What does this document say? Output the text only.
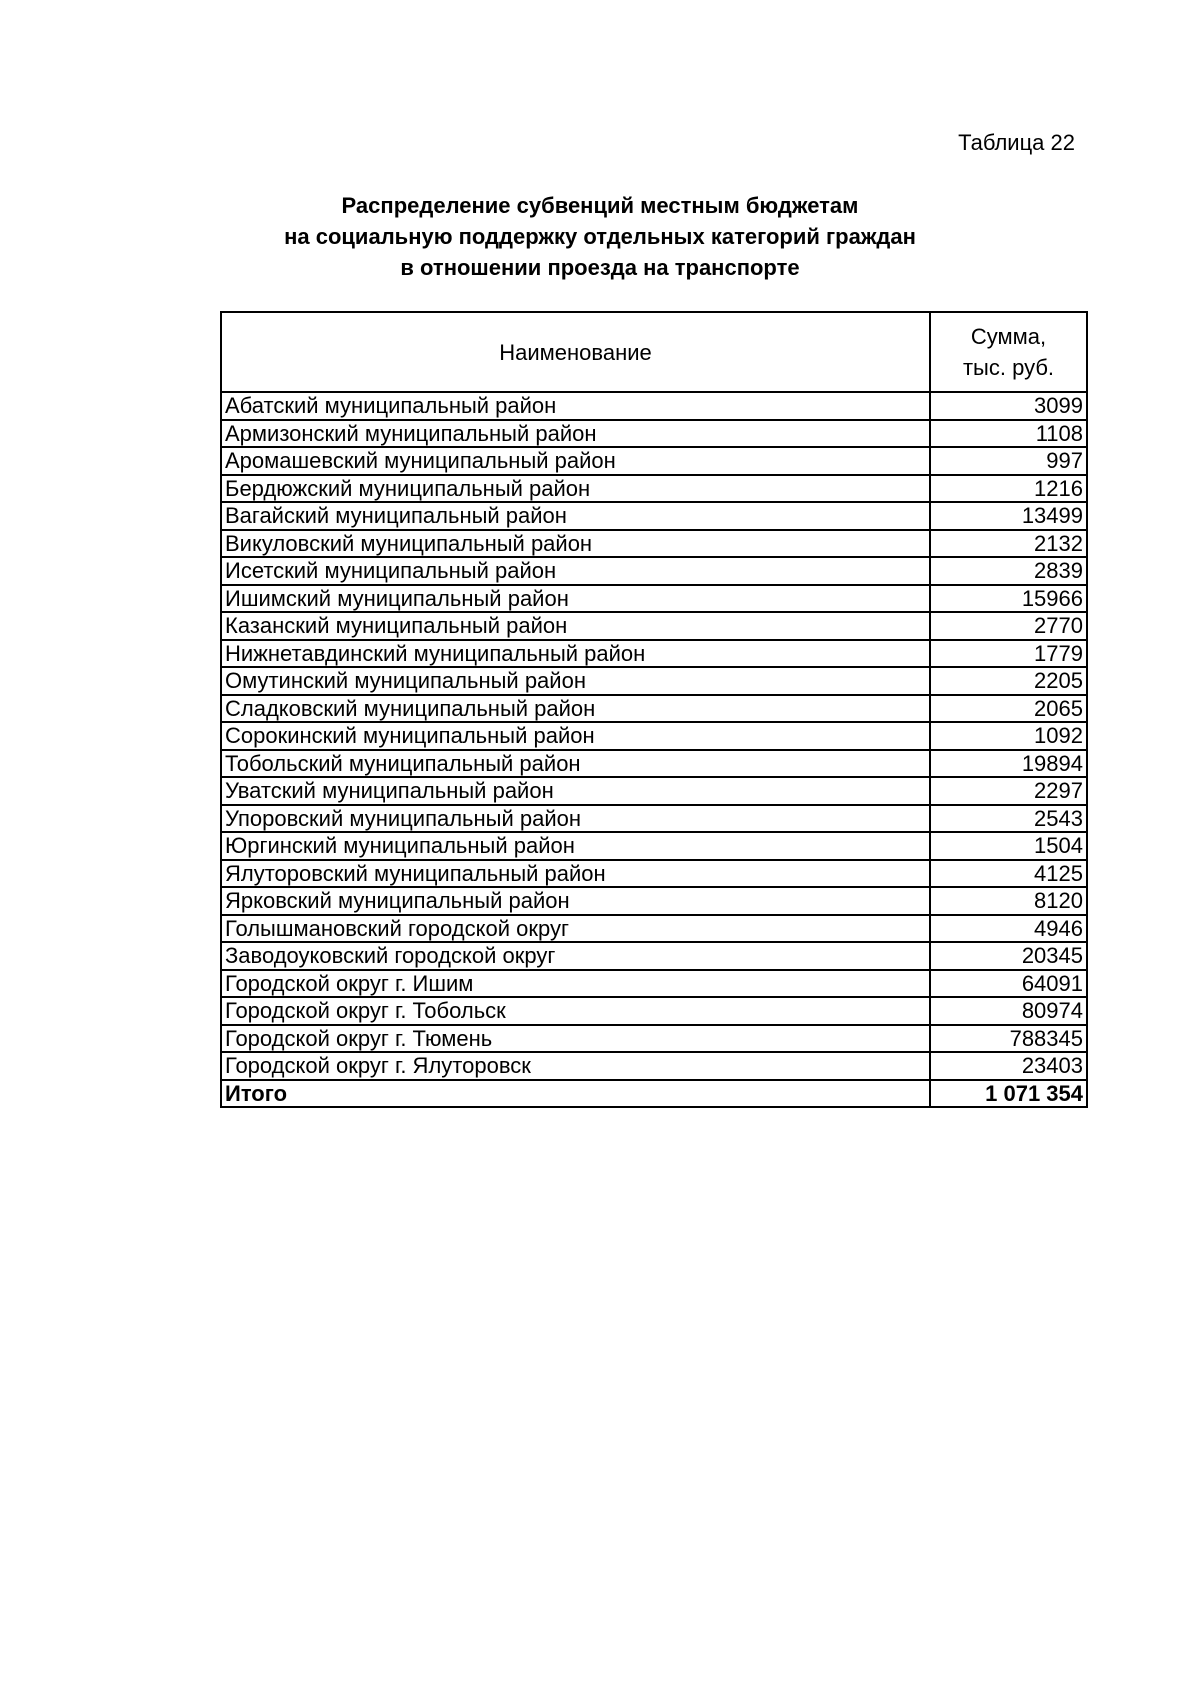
Таблица 22
Распределение субвенций местным бюджетам
на социальную поддержку отдельных категорий граждан
в отношении проезда на транспорте
Наименование	Сумма,
тыс. руб.

Абатский муниципальный район	3099
Армизонский муниципальный район	1108
Аромашевский муниципальный район	997
Бердюжский муниципальный район	1216
Вагайский муниципальный район	13499
Викуловский муниципальный район	2132
Исетский муниципальный район	2839
Ишимский муниципальный район	15966
Казанский муниципальный район	2770
Нижнетавдинский муниципальный район	1779
Омутинский муниципальный район	2205
Сладковский муниципальный район	2065
Сорокинский муниципальный район	1092
Тобольский муниципальный район	19894
Уватский муниципальный район	2297
Упоровский муниципальный район	2543
Юргинский муниципальный район	1504
Ялуторовский муниципальный район	4125
Ярковский муниципальный район	8120
Голышмановский городской округ	4946
Заводоуковский городской округ	20345
Городской округ г. Ишим	64091
Городской округ г. Тобольск	80974
Городской округ г. Тюмень	788345
Городской округ г. Ялуторовск	23403
Итого	1 071 354
